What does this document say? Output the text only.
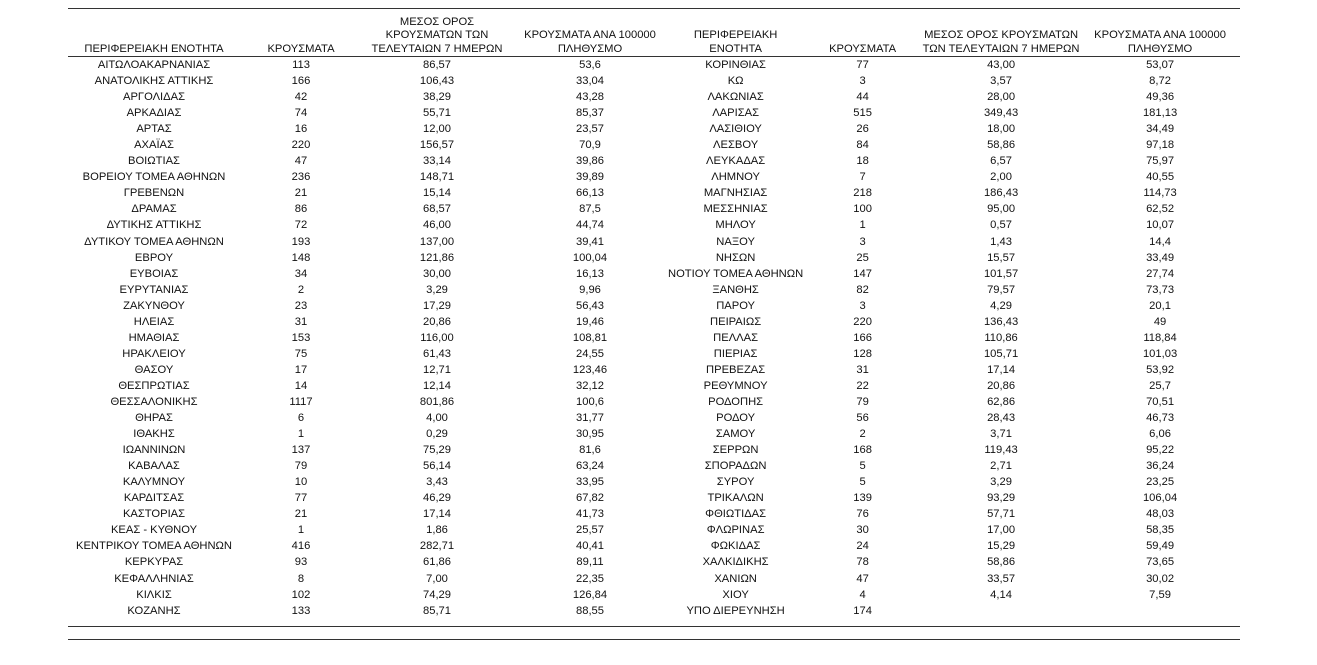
ΠΕΡΙΦΕΡΕΙΑΚΗ ΕΝΟΤΗΤΑ	ΚΡΟΥΣΜΑΤΑ	ΜΕΣΟΣ ΟΡΟΣ ΚΡΟΥΣΜΑΤΩΝ ΤΩΝ ΤΕΛΕΥΤΑΙΩΝ 7 ΗΜΕΡΩΝ	ΚΡΟΥΣΜΑΤΑ ΑΝΑ 100000 ΠΛΗΘΥΣΜΟ
ΑΙΤΩΛΟΑΚΑΡΝΑΝΙΑΣ	113	86,57	53,6
ΑΝΑΤΟΛΙΚΗΣ ΑΤΤΙΚΗΣ	166	106,43	33,04
ΑΡΓΟΛΙΔΑΣ	42	38,29	43,28
ΑΡΚΑΔΙΑΣ	74	55,71	85,37
ΑΡΤΑΣ	16	12,00	23,57
ΑΧΑΪΑΣ	220	156,57	70,9
ΒΟΙΩΤΙΑΣ	47	33,14	39,86
ΒΟΡΕΙΟΥ ΤΟΜΕΑ ΑΘΗΝΩΝ	236	148,71	39,89
ΓΡΕΒΕΝΩΝ	21	15,14	66,13
ΔΡΑΜΑΣ	86	68,57	87,5
ΔΥΤΙΚΗΣ ΑΤΤΙΚΗΣ	72	46,00	44,74
ΔΥΤΙΚΟΥ ΤΟΜΕΑ ΑΘΗΝΩΝ	193	137,00	39,41
ΕΒΡΟΥ	148	121,86	100,04
ΕΥΒΟΙΑΣ	34	30,00	16,13
ΕΥΡΥΤΑΝΙΑΣ	2	3,29	9,96
ΖΑΚΥΝΘΟΥ	23	17,29	56,43
ΗΛΕΙΑΣ	31	20,86	19,46
ΗΜΑΘΙΑΣ	153	116,00	108,81
ΗΡΑΚΛΕΙΟΥ	75	61,43	24,55
ΘΑΣΟΥ	17	12,71	123,46
ΘΕΣΠΡΩΤΙΑΣ	14	12,14	32,12
ΘΕΣΣΑΛΟΝΙΚΗΣ	1117	801,86	100,6
ΘΗΡΑΣ	6	4,00	31,77
ΙΘΑΚΗΣ	1	0,29	30,95
ΙΩΑΝΝΙΝΩΝ	137	75,29	81,6
ΚΑΒΑΛΑΣ	79	56,14	63,24
ΚΑΛΥΜΝΟΥ	10	3,43	33,95
ΚΑΡΔΙΤΣΑΣ	77	46,29	67,82
ΚΑΣΤΟΡΙΑΣ	21	17,14	41,73
ΚΕΑΣ - ΚΥΘΝΟΥ	1	1,86	25,57
ΚΕΝΤΡΙΚΟΥ ΤΟΜΕΑ ΑΘΗΝΩΝ	416	282,71	40,41
ΚΕΡΚΥΡΑΣ	93	61,86	89,11
ΚΕΦΑΛΛΗΝΙΑΣ	8	7,00	22,35
ΚΙΛΚΙΣ	102	74,29	126,84
ΚΟΖΑΝΗΣ	133	85,71	88,55
ΠΕΡΙΦΕΡΕΙΑΚΗ ΕΝΟΤΗΤΑ	ΚΡΟΥΣΜΑΤΑ	ΜΕΣΟΣ ΟΡΟΣ ΚΡΟΥΣΜΑΤΩΝ ΤΩΝ ΤΕΛΕΥΤΑΙΩΝ 7 ΗΜΕΡΩΝ	ΚΡΟΥΣΜΑΤΑ ΑΝΑ 100000 ΠΛΗΘΥΣΜΟ
ΚΟΡΙΝΘΙΑΣ	77	43,00	53,07
ΚΩ	3	3,57	8,72
ΛΑΚΩΝΙΑΣ	44	28,00	49,36
ΛΑΡΙΣΑΣ	515	349,43	181,13
ΛΑΣΙΘΙΟΥ	26	18,00	34,49
ΛΕΣΒΟΥ	84	58,86	97,18
ΛΕΥΚΑΔΑΣ	18	6,57	75,97
ΛΗΜΝΟΥ	7	2,00	40,55
ΜΑΓΝΗΣΙΑΣ	218	186,43	114,73
ΜΕΣΣΗΝΙΑΣ	100	95,00	62,52
ΜΗΛΟΥ	1	0,57	10,07
ΝΑΞΟΥ	3	1,43	14,4
ΝΗΣΩΝ	25	15,57	33,49
ΝΟΤΙΟΥ ΤΟΜΕΑ ΑΘΗΝΩΝ	147	101,57	27,74
ΞΑΝΘΗΣ	82	79,57	73,73
ΠΑΡΟΥ	3	4,29	20,1
ΠΕΙΡΑΙΩΣ	220	136,43	49
ΠΕΛΛΑΣ	166	110,86	118,84
ΠΙΕΡΙΑΣ	128	105,71	101,03
ΠΡΕΒΕΖΑΣ	31	17,14	53,92
ΡΕΘΥΜΝΟΥ	22	20,86	25,7
ΡΟΔΟΠΗΣ	79	62,86	70,51
ΡΟΔΟΥ	56	28,43	46,73
ΣΑΜΟΥ	2	3,71	6,06
ΣΕΡΡΩΝ	168	119,43	95,22
ΣΠΟΡΑΔΩΝ	5	2,71	36,24
ΣΥΡΟΥ	5	3,29	23,25
ΤΡΙΚΑΛΩΝ	139	93,29	106,04
ΦΘΙΩΤΙΔΑΣ	76	57,71	48,03
ΦΛΩΡΙΝΑΣ	30	17,00	58,35
ΦΩΚΙΔΑΣ	24	15,29	59,49
ΧΑΛΚΙΔΙΚΗΣ	78	58,86	73,65
ΧΑΝΙΩΝ	47	33,57	30,02
ΧΙΟΥ	4	4,14	7,59
ΥΠΟ ΔΙΕΡΕΥΝΗΣΗ	174		
